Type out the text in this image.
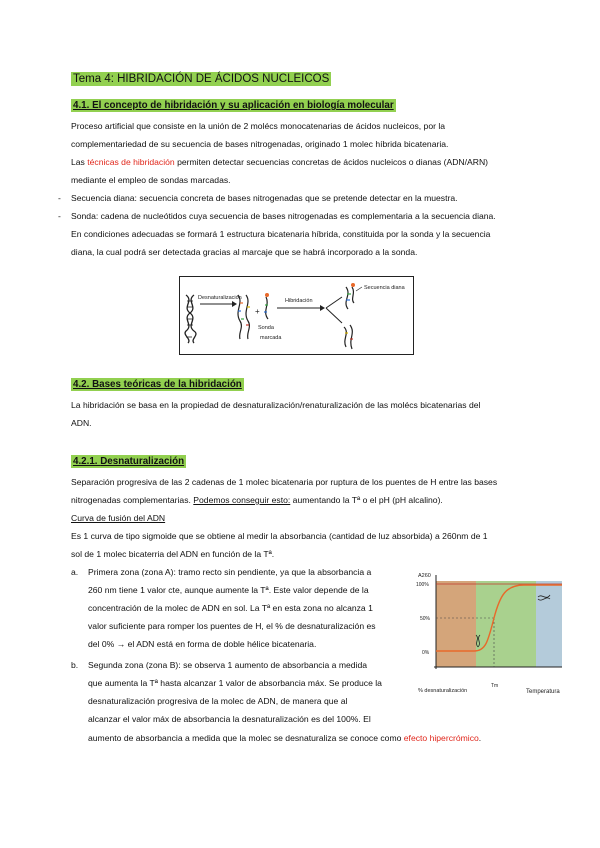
Tema 4: HIBRIDACIÓN DE ÁCIDOS NUCLEICOS
4.1. El concepto de hibridación y su aplicación en biología molecular
Proceso artificial que consiste en la unión de 2 molécs monocatenarias de ácidos nucleicos, por la
complementariedad de su secuencia de bases nitrogenadas, originado 1 molec híbrida bicatenaria.
Las técnicas de hibridación permiten detectar secuencias concretas de ácidos nucleicos o dianas (ADN/ARN)
mediante el empleo de sondas marcadas.
- Secuencia diana: secuencia concreta de bases nitrogenadas que se pretende detectar en la muestra.
- Sonda: cadena de nucleótidos cuya secuencia de bases nitrogenadas es complementaria a la secuencia diana.
En condiciones adecuadas se formará 1 estructura bicatenaria híbrida, constituida por la sonda y la secuencia
diana, la cual podrá ser detectada gracias al marcaje que se habrá incorporado a la sonda.
Desnaturalización
+
Sonda
marcada
Hibridación
Secuencia diana
4.2. Bases teóricas de la hibridación
La hibridación se basa en la propiedad de desnaturalización/renaturalización de las molécs bicatenarias del
ADN.
4.2.1. Desnaturalización
Separación progresiva de las 2 cadenas de 1 molec bicatenaria por ruptura de los puentes de H entre las bases
nitrogenadas complementarias. Podemos conseguir esto: aumentando la Tª o el pH (pH alcalino).
Curva de fusión del ADN
Es 1 curva de tipo sigmoide que se obtiene al medir la absorbancia (cantidad de luz absorbida) a 260nm de 1
sol de 1 molec bicaterria del ADN en función de la Tª.
a. Primera zona (zona A): tramo recto sin pendiente, ya que la absorbancia a
260 nm tiene 1 valor cte, aunque aumente la Tª. Este valor depende de la
concentración de la molec de ADN en sol. La Tª en esta zona no alcanza 1
valor suficiente para romper los puentes de H, el % de desnaturalización es
del 0% → el ADN está en forma de doble hélice bicatenaria.
b. Segunda zona (zona B): se observa 1 aumento de absorbancia a medida
que aumenta la Tª hasta alcanzar 1 valor de absorbancia máx. Se produce la
desnaturalización progresiva de la molec de ADN, de manera que al
alcanzar el valor máx de absorbancia la desnaturalización es del 100%. El
aumento de absorbancia a medida que la molec se desnaturaliza se conoce como efecto hipercrómico.
A260
100%
50%
0%
% desnaturalización
Tm
Temperatura
